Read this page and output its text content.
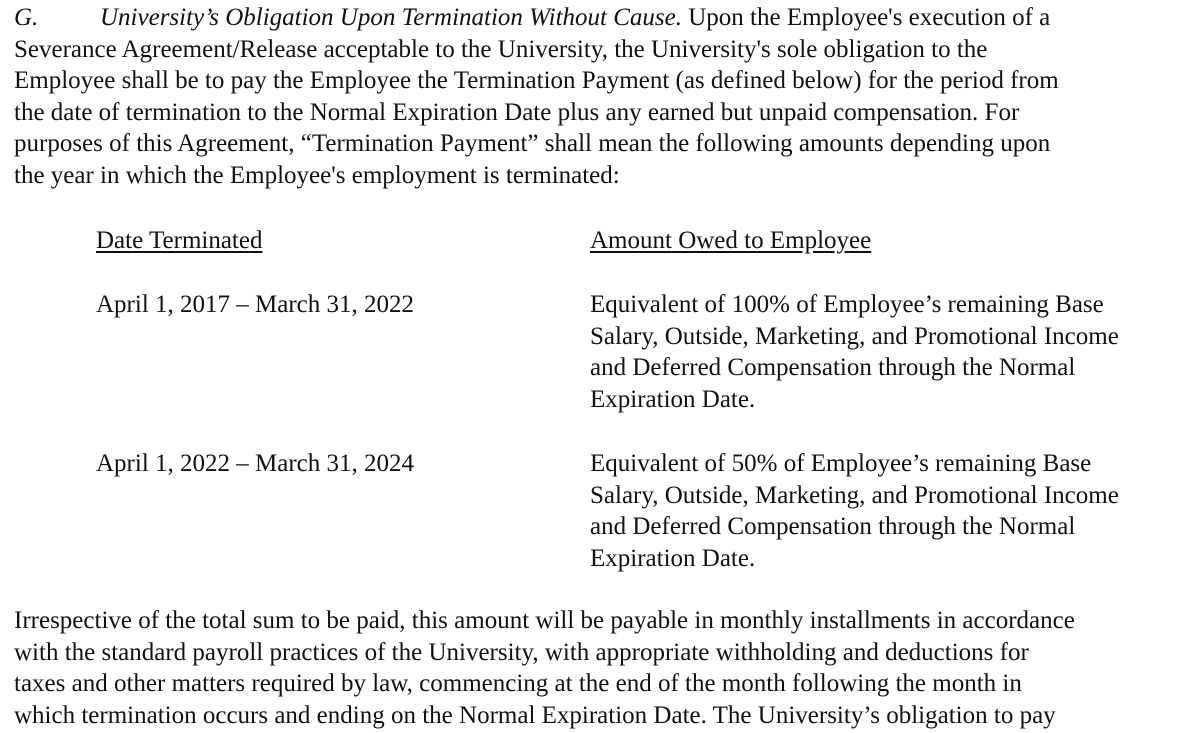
G. University’s Obligation Upon Termination Without Cause. Upon the Employee's execution of a
Severance Agreement/Release acceptable to the University, the University's sole obligation to the
Employee shall be to pay the Employee the Termination Payment (as defined below) for the period from
the date of termination to the Normal Expiration Date plus any earned but unpaid compensation. For
purposes of this Agreement, “Termination Payment” shall mean the following amounts depending upon
the year in which the Employee's employment is terminated:
Date Terminated	Amount Owed to Employee
April 1, 2017 – March 31, 2022	Equivalent of 100% of Employee’s remaining Base
Salary, Outside, Marketing, and Promotional Income
and Deferred Compensation through the Normal
Expiration Date.
April 1, 2022 – March 31, 2024	Equivalent of 50% of Employee’s remaining Base
Salary, Outside, Marketing, and Promotional Income
and Deferred Compensation through the Normal
Expiration Date.
Irrespective of the total sum to be paid, this amount will be payable in monthly installments in accordance
with the standard payroll practices of the University, with appropriate withholding and deductions for
taxes and other matters required by law, commencing at the end of the month following the month in
which termination occurs and ending on the Normal Expiration Date. The University’s obligation to pay
